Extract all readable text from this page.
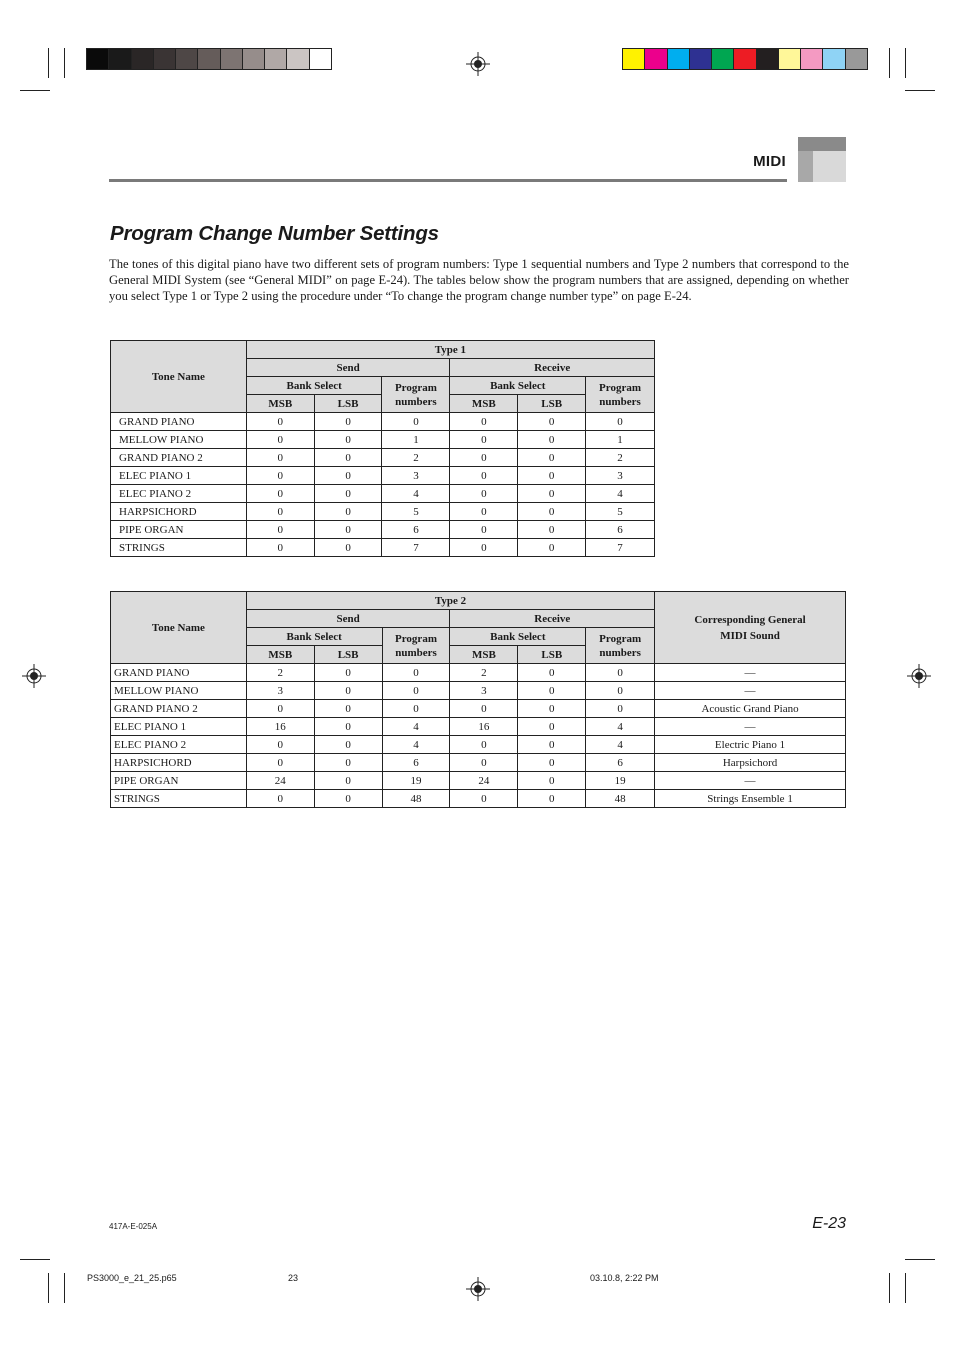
MIDI
Program Change Number Settings

The tones of this digital piano have two different sets of program numbers: Type 1 sequential numbers and Type 2 numbers that correspond to the General MIDI System (see “General MIDI” on page E-24). The tables below show the program numbers that are assigned, depending on whether you select Type 1 or Type 2 using the procedure under “To change the program change number type” on page E-24.

Tone Name	Type 1					
	Send			Receive		
	Bank Select		Program numbers	Bank Select		Program numbers
	MSB	LSB		MSB	LSB	
GRAND PIANO	0	0	0	0	0	0
MELLOW PIANO	0	0	1	0	0	1
GRAND PIANO 2	0	0	2	0	0	2
ELEC PIANO 1	0	0	3	0	0	3
ELEC PIANO 2	0	0	4	0	0	4
HARPSICHORD	0	0	5	0	0	5
PIPE ORGAN	0	0	6	0	0	6
STRINGS	0	0	7	0	0	7
Tone Name	Type 2						Corresponding General MIDI Sound
	Send			Receive			
	Bank Select		Program numbers	Bank Select		Program numbers	
	MSB	LSB		MSB	LSB		
GRAND PIANO	2	0	0	2	0	0	—
MELLOW PIANO	3	0	0	3	0	0	—
GRAND PIANO 2	0	0	0	0	0	0	Acoustic Grand Piano
ELEC PIANO 1	16	0	4	16	0	4	—
ELEC PIANO 2	0	0	4	0	0	4	Electric Piano 1
HARPSICHORD	0	0	6	0	0	6	Harpsichord
PIPE ORGAN	24	0	19	24	0	19	—
STRINGS	0	0	48	0	0	48	Strings Ensemble 1
417A-E-025A	E-23
PS3000_e_21_25.p65	23	03.10.8, 2:22 PM
